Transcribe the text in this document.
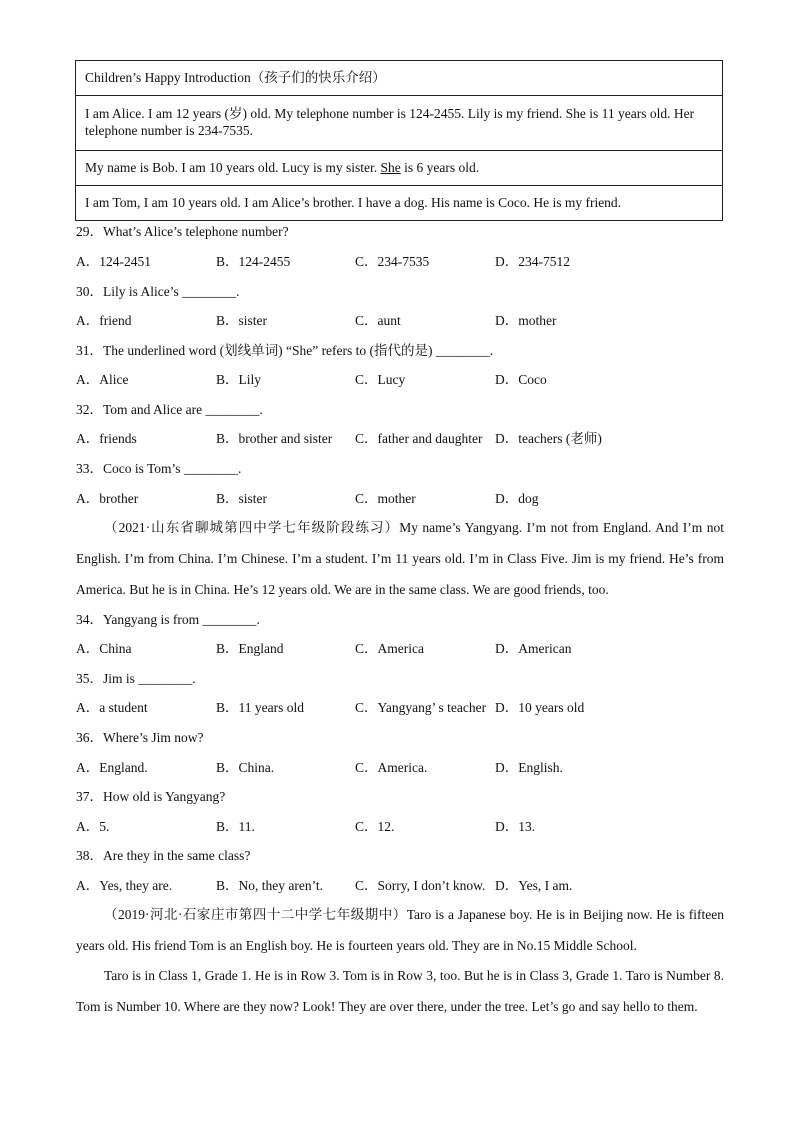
Children’s Happy Introduction（孩子们的快乐介绍）
I am Alice. I am 12 years (岁) old. My telephone number is 124-2455. Lily is my friend. She is 11 years old. Her telephone number is 234-7535.
My name is Bob. I am 10 years old. Lucy is my sister. She is 6 years old.
I am Tom, I am 10 years old. I am Alice’s brother. I have a dog. His name is Coco. He is my friend.
29．What’s Alice’s telephone number?
A．124-2451	B．124-2455	C．234-7535	D．234-7512
30．Lily is Alice’s ________.
A．friend	B．sister	C．aunt	D．mother
31．The underlined word (划线单词) “She” refers to (指代的是) ________.
A．Alice	B．Lily	C．Lucy	D．Coco
32．Tom and Alice are ________.
A．friends	B．brother and sister C．father and daughter D．teachers (老师)
33．Coco is Tom’s ________.
A．brother	B．sister	C．mother	D．dog
（2021·山东省聊城第四中学七年级阶段练习）My name’s Yangyang. I’m not from England. And I’m not English. I’m from China. I’m Chinese. I’m a student. I’m 11 years old. I’m in Class Five. Jim is my friend. He’s from America. But he is in China. He’s 12 years old. We are in the same class. We are good friends, too.
34．Yangyang is from ________.
A．China	B．England	C．America	D．American
35．Jim is ________.
A．a student	B．11 years old	C．Yangyang’ s teacher D．10 years old
36．Where’s Jim now?
A．England.	B．China.	C．America.	D．English.
37．How old is Yangyang?
A．5.	B．11.	C．12.	D．13.
38．Are they in the same class?
A．Yes, they are.	B．No, they aren’t. C．Sorry, I don’t know. D．Yes, I am.
（2019·河北·石家庄市第四十二中学七年级期中）Taro is a Japanese boy. He is in Beijing now. He is fifteen years old. His friend Tom is an English boy. He is fourteen years old. They are in No.15 Middle School.
Taro is in Class 1, Grade 1. He is in Row 3. Tom is in Row 3, too. But he is in Class 3, Grade 1. Taro is Number 8. Tom is Number 10. Where are they now? Look! They are over there, under the tree. Let’s go and say hello to them.
